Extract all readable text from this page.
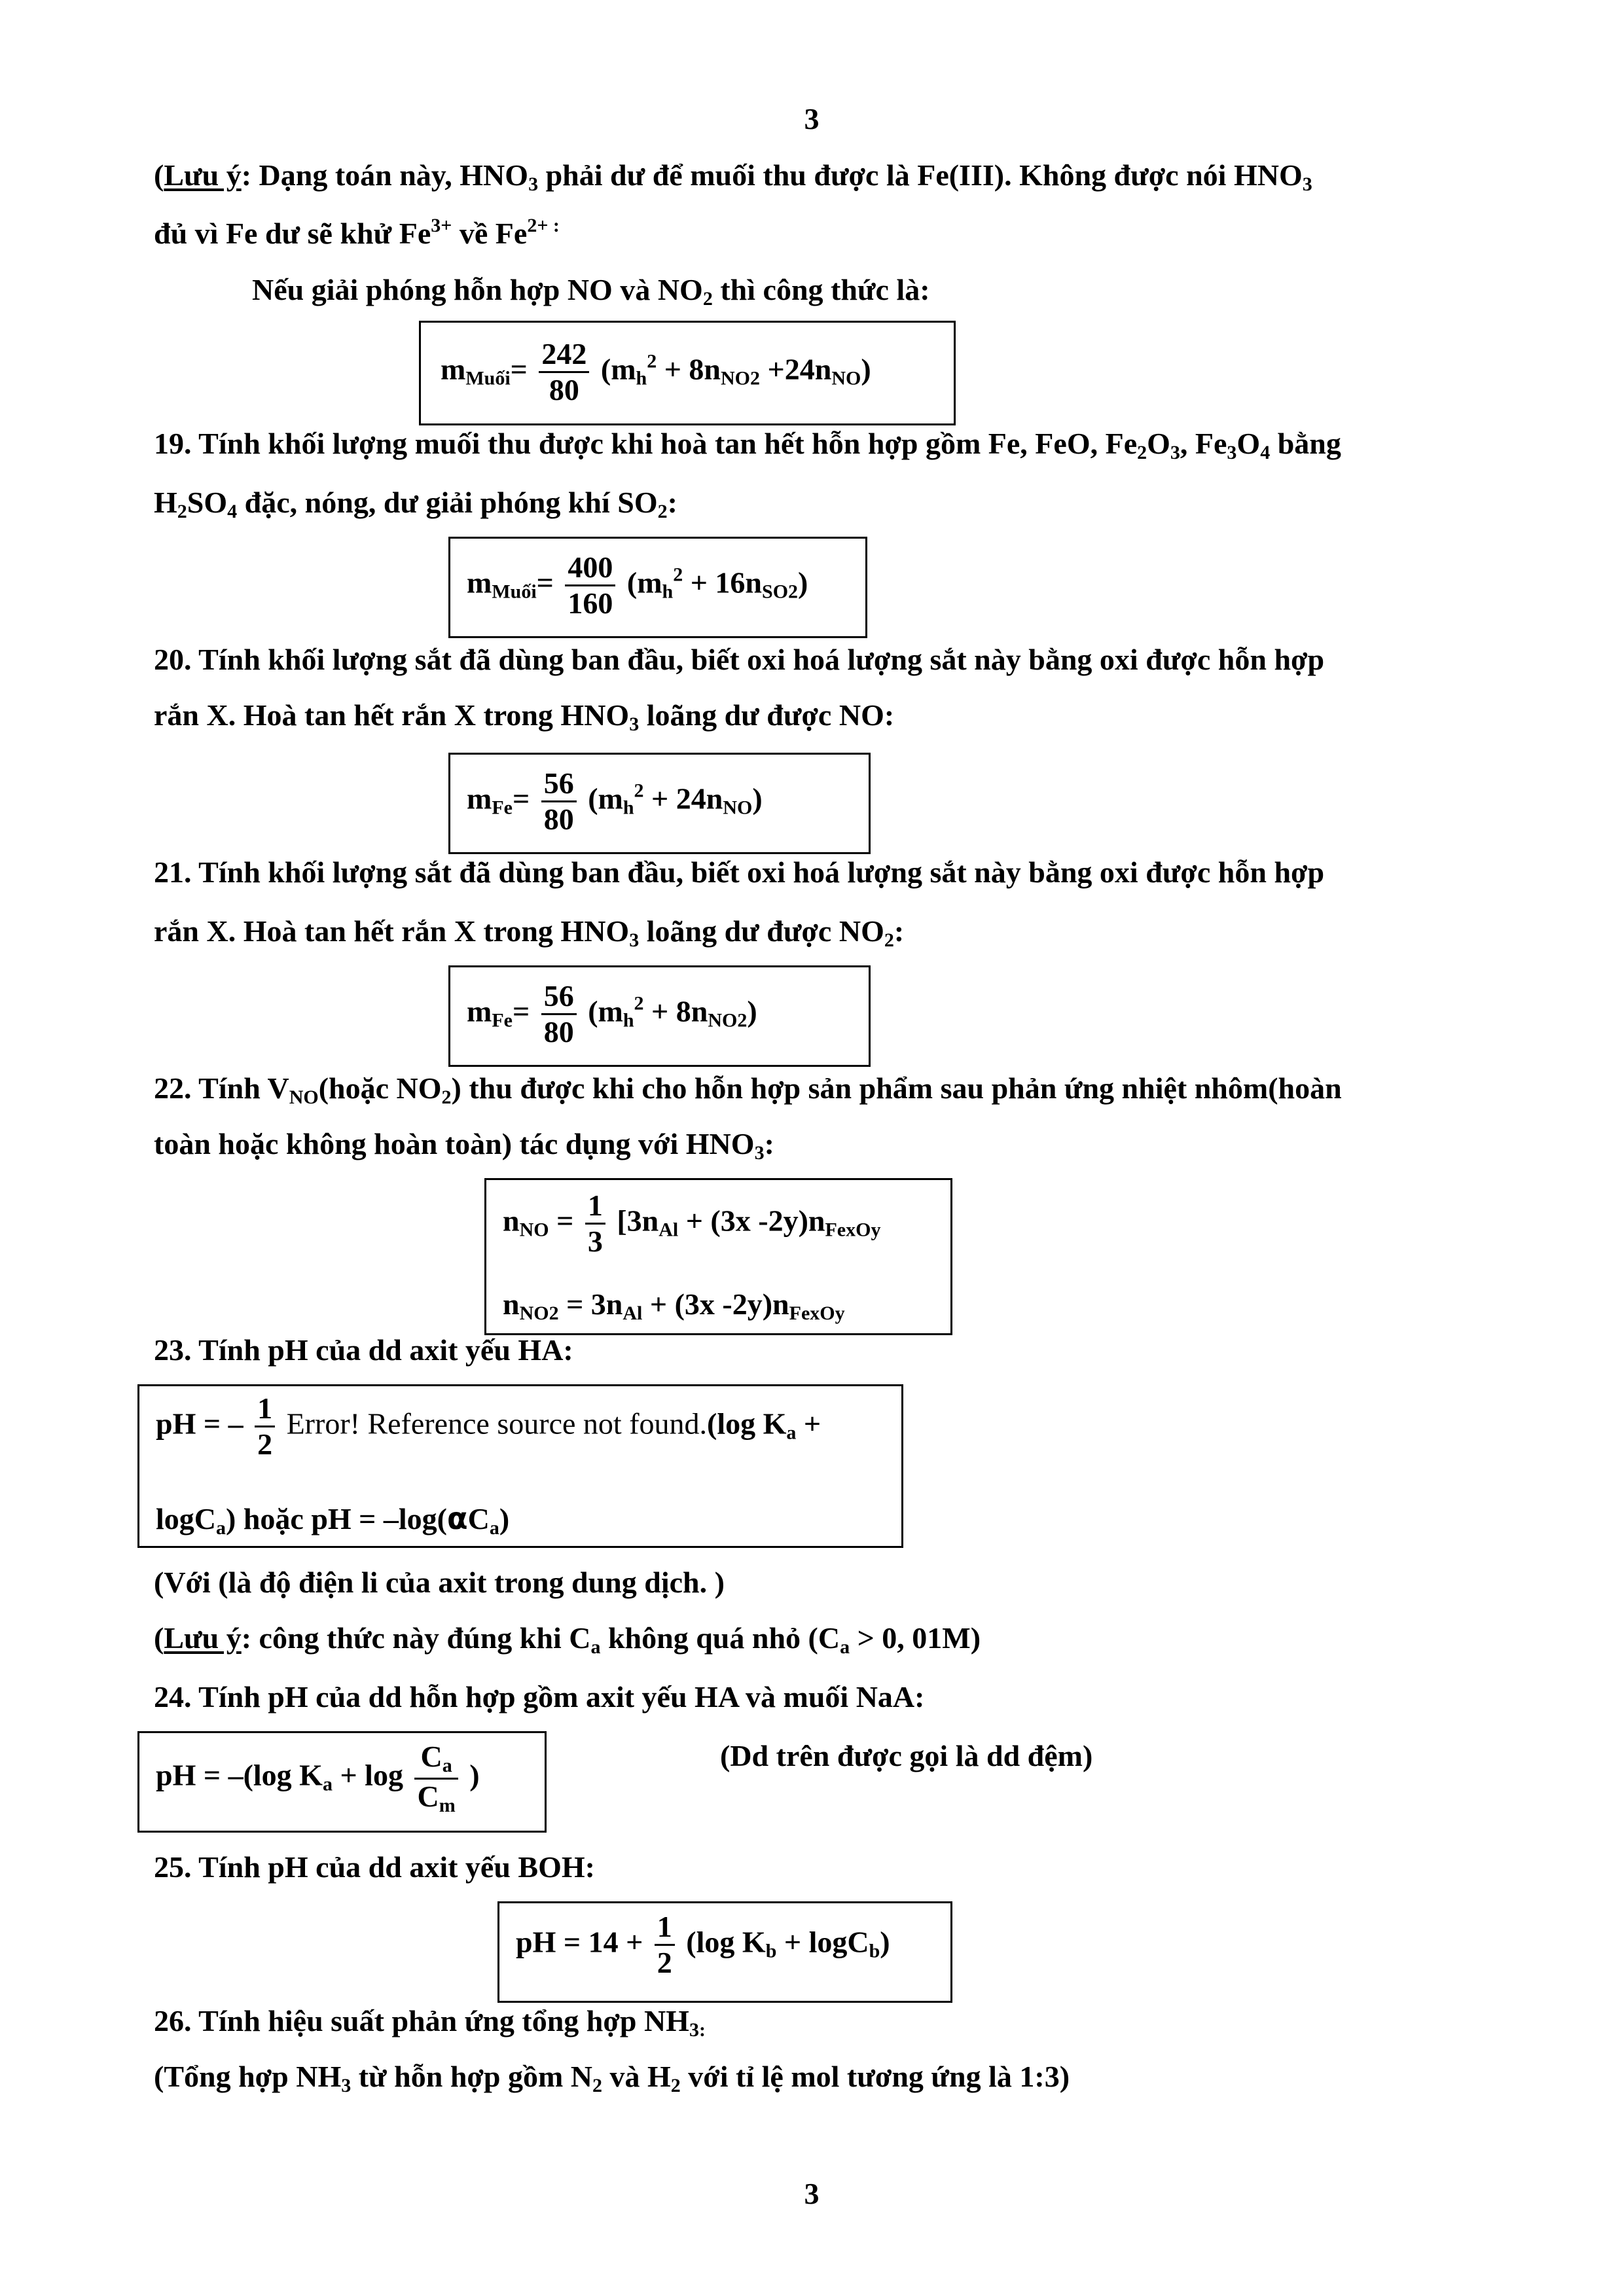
3
(Lưu ý: Dạng toán này, $HNO_3$ phải dư để muối thu được là Fe(III). Không được nói $HNO_3$
đủ vì Fe dư sẽ khử $Fe^{3+}$ về $Fe^{2+ :}$
Nếu giải phóng hỗn hợp NO và $NO_2$ thì công thức là:
$m_{Muối}= \frac{242}{80} (m_h^2 + 8n_{NO2} +24n_{NO})$
19. Tính khối lượng muối thu được khi hoà tan hết hỗn hợp gồm Fe, FeO, $Fe_2O_3$, $Fe_3O_4$ bằng
$H_2SO_4$ đặc, nóng, dư giải phóng khí $SO_2$:
$m_{Muối}= \frac{400}{160} (m_h^2 + 16n_{SO2})$
20. Tính khối lượng sắt đã dùng ban đầu, biết oxi hoá lượng sắt này bằng oxi được hỗn hợp
rắn X. Hoà tan hết rắn X trong $HNO_3$ loãng dư được NO:
$m_{Fe}= \frac{56}{80} (m_h^2 + 24n_{NO})$
21. Tính khối lượng sắt đã dùng ban đầu, biết oxi hoá lượng sắt này bằng oxi được hỗn hợp
rắn X. Hoà tan hết rắn X trong $HNO_3$ loãng dư được $NO_2$:
$m_{Fe}= \frac{56}{80} (m_h^2 + 8n_{NO2})$
22. Tính $V_{NO}(hoặc$ $NO_2$) thu được khi cho hỗn hợp sản phẩm sau phản ứng nhiệt nhôm(hoàn
toàn hoặc không hoàn toàn) tác dụng với $HNO_3$:
$n_{NO} = \frac{1}{3} [3n_{Al} + (3x$ $-2y)n_{FexOy}$
$n_{NO2} = 3n_{Al} + (3x$ $-2y)n_{FexOy}$
23. Tính pH của dd axit yếu HA:
pH = – $\frac{1}{2}$ Error! Reference source not found.(log $K_a$ +
logC$_a$) hoặc pH = $-\log(\alpha C_a)$
(Với (là độ điện li của axit trong dung dịch. )
(Lưu ý: công thức này đúng khi $C_a$ không quá nhỏ ($C_a > 0$, 01M)
24. Tính pH của dd hỗn hợp gồm axit yếu HA và muối NaA:
pH = –(log $K_a + \log \frac{C_a}{C_m}$ )
(Dd trên được gọi là dd đệm)
25. Tính pH của dd axit yếu BOH:
pH = $14 + \frac{1}{2} (\log$ $K_b + \log C_b$)
26. Tính hiệu suất phản ứng tổng hợp $NH_{3:}$
(Tổng hợp $NH_3$ từ hỗn hợp gồm $N_2$ và $H_2$ với tỉ lệ mol tương ứng là 1:3)
3
